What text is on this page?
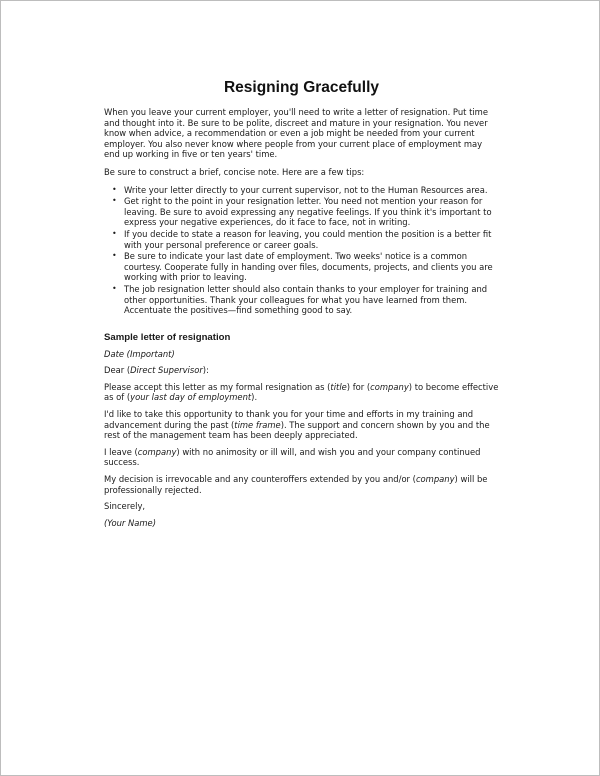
Resigning Gracefully

When you leave your current employer, you'll need to write a letter of resignation. Put time and thought into it. Be sure to be polite, discreet and mature in your resignation. You never know when advice, a recommendation or even a job might be needed from your current employer. You also never know where people from your current place of employment may end up working in five or ten years' time.

Be sure to construct a brief, concise note. Here are a few tips:

• Write your letter directly to your current supervisor, not to the Human Resources area.
• Get right to the point in your resignation letter. You need not mention your reason for leaving. Be sure to avoid expressing any negative feelings. If you think it's important to express your negative experiences, do it face to face, not in writing.
• If you decide to state a reason for leaving, you could mention the position is a better fit with your personal preference or career goals.
• Be sure to indicate your last date of employment. Two weeks' notice is a common courtesy. Cooperate fully in handing over files, documents, projects, and clients you are working with prior to leaving.
• The job resignation letter should also contain thanks to your employer for training and other opportunities. Thank your colleagues for what you have learned from them. Accentuate the positives—find something good to say.
Sample letter of resignation

Date (Important)

Dear (Direct Supervisor):

Please accept this letter as my formal resignation as (title) for (company) to become effective as of (your last day of employment).

I'd like to take this opportunity to thank you for your time and efforts in my training and advancement during the past (time frame). The support and concern shown by you and the rest of the management team has been deeply appreciated.

I leave (company) with no animosity or ill will, and wish you and your company continued success.

My decision is irrevocable and any counteroffers extended by you and/or (company) will be professionally rejected.

Sincerely,

(Your Name)
